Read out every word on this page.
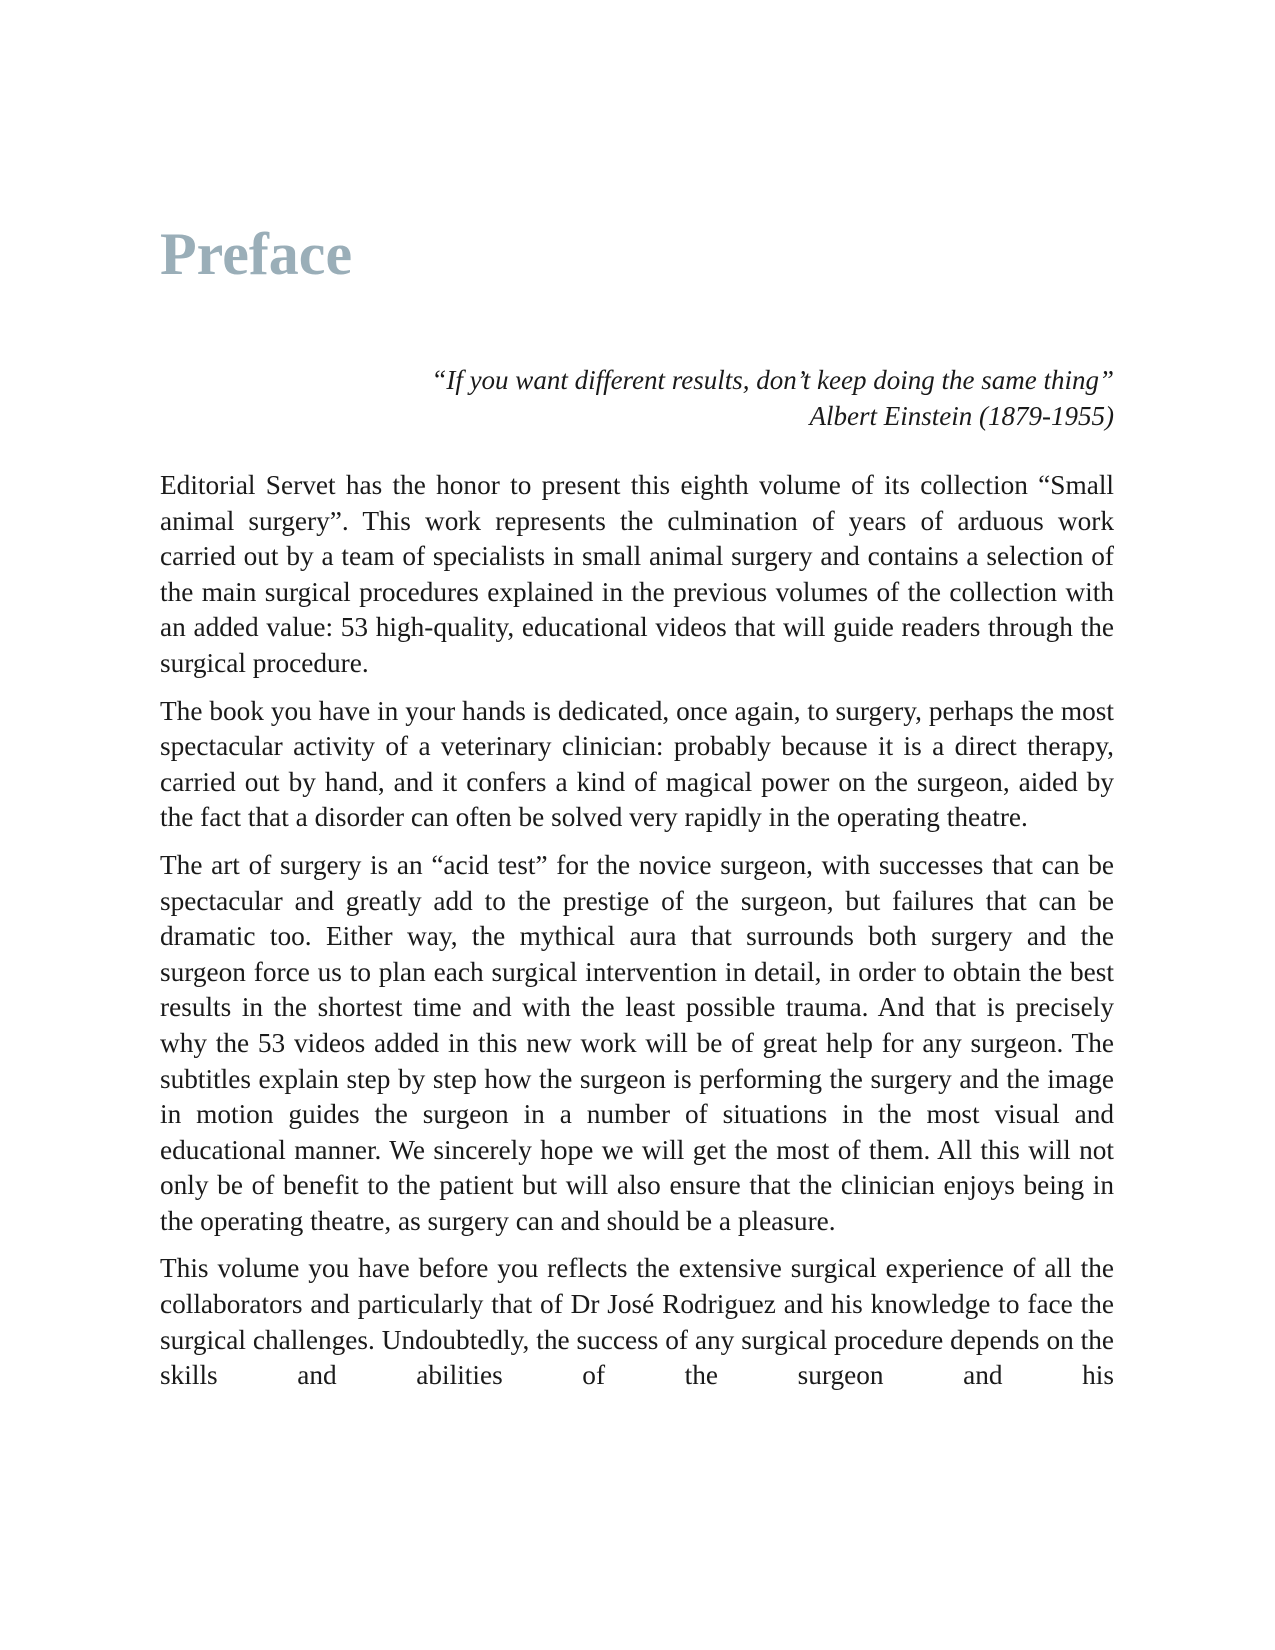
Preface
“If you want different results, don’t keep doing the same thing”
Albert Einstein (1879-1955)

Editorial Servet has the honor to present this eighth volume of its collection “Small animal surgery”. This work represents the culmination of years of arduous work carried out by a team of specialists in small animal surgery and contains a selection of the main surgical procedures explained in the previous volumes of the collection with an added value: 53 high-quality, educational videos that will guide readers through the surgical procedure.

The book you have in your hands is dedicated, once again, to surgery, perhaps the most spectacular activity of a veterinary clinician: probably because it is a direct therapy, carried out by hand, and it confers a kind of magical power on the surgeon, aided by the fact that a disorder can often be solved very rapidly in the operating theatre.

The art of surgery is an “acid test” for the novice surgeon, with successes that can be spectacular and greatly add to the prestige of the surgeon, but failures that can be dramatic too. Either way, the mythical aura that surrounds both surgery and the surgeon force us to plan each surgical intervention in detail, in order to obtain the best results in the shortest time and with the least possible trauma. And that is precisely why the 53 videos added in this new work will be of great help for any surgeon. The subtitles explain step by step how the surgeon is performing the surgery and the image in motion guides the surgeon in a number of situations in the most visual and educational manner. We sincerely hope we will get the most of them. All this will not only be of benefit to the patient but will also ensure that the clinician enjoys being in the operating theatre, as surgery can and should be a pleasure.

This volume you have before you reflects the extensive surgical experience of all the collaborators and particularly that of Dr José Rodriguez and his knowledge to face the surgical challenges. Undoubtedly, the success of any surgical procedure depends on the skills and abilities of the surgeon and his
